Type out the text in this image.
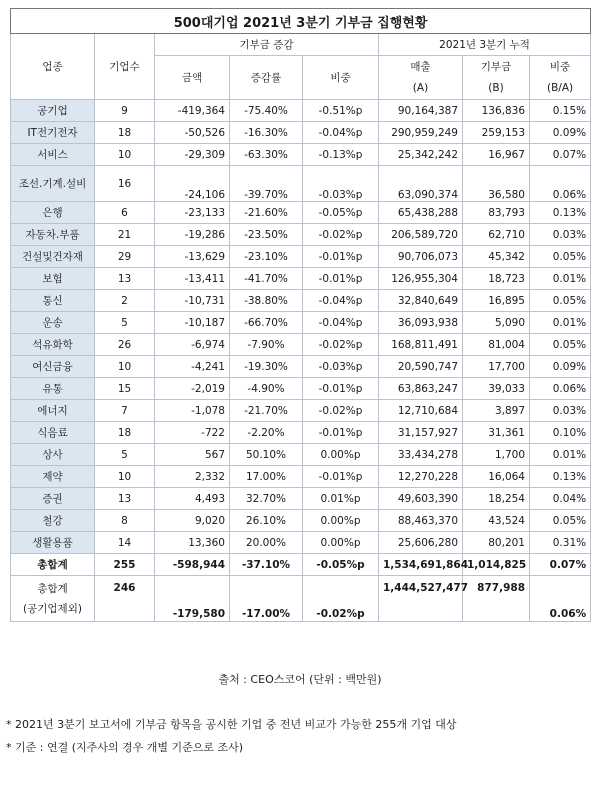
500대기업 2021년 3분기 기부금 집행현황							
업종	기업수	기부금 증감			2021년 3분기 누적		
		금액	증감률	비중	매출	기부금	비중
					(A)	(B)	(B/A)
공기업	9	-419,364	-75.40%	-0.51%p	90,164,387	136,836	0.15%
IT전기전자	18	-50,526	-16.30%	-0.04%p	290,959,249	259,153	0.09%
서비스	10	-29,309	-63.30%	-0.13%p	25,342,242	16,967	0.07%
조선.기계.설비	16	-24,106	-39.70%	-0.03%p	63,090,374	36,580	0.06%
은행	6	-23,133	-21.60%	-0.05%p	65,438,288	83,793	0.13%
자동차.부품	21	-19,286	-23.50%	-0.02%p	206,589,720	62,710	0.03%
건설및건자재	29	-13,629	-23.10%	-0.01%p	90,706,073	45,342	0.05%
보험	13	-13,411	-41.70%	-0.01%p	126,955,304	18,723	0.01%
통신	2	-10,731	-38.80%	-0.04%p	32,840,649	16,895	0.05%
운송	5	-10,187	-66.70%	-0.04%p	36,093,938	5,090	0.01%
석유화학	26	-6,974	-7.90%	-0.02%p	168,811,491	81,004	0.05%
여신금융	10	-4,241	-19.30%	-0.03%p	20,590,747	17,700	0.09%
유통	15	-2,019	-4.90%	-0.01%p	63,863,247	39,033	0.06%
에너지	7	-1,078	-21.70%	-0.02%p	12,710,684	3,897	0.03%
식음료	18	-722	-2.20%	-0.01%p	31,157,927	31,361	0.10%
상사	5	567	50.10%	0.00%p	33,434,278	1,700	0.01%
제약	10	2,332	17.00%	-0.01%p	12,270,228	16,064	0.13%
증권	13	4,493	32.70%	0.01%p	49,603,390	18,254	0.04%
철강	8	9,020	26.10%	0.00%p	88,463,370	43,524	0.05%
생활용품	14	13,360	20.00%	0.00%p	25,606,280	80,201	0.31%
총합계	255	-598,944	-37.10%	-0.05%p	1,534,691,864	1,014,825	0.07%
총합계
(공기업제외)	246	-179,580	-17.00%	-0.02%p	1,444,527,477	877,988	0.06%
출처 : CEO스코어 (단위 : 백만원)
* 2021년 3분기 보고서에 기부금 항목을 공시한 기업 중 전년 비교가 가능한 255개 기업 대상
* 기준 : 연결 (지주사의 경우 개별 기준으로 조사)
